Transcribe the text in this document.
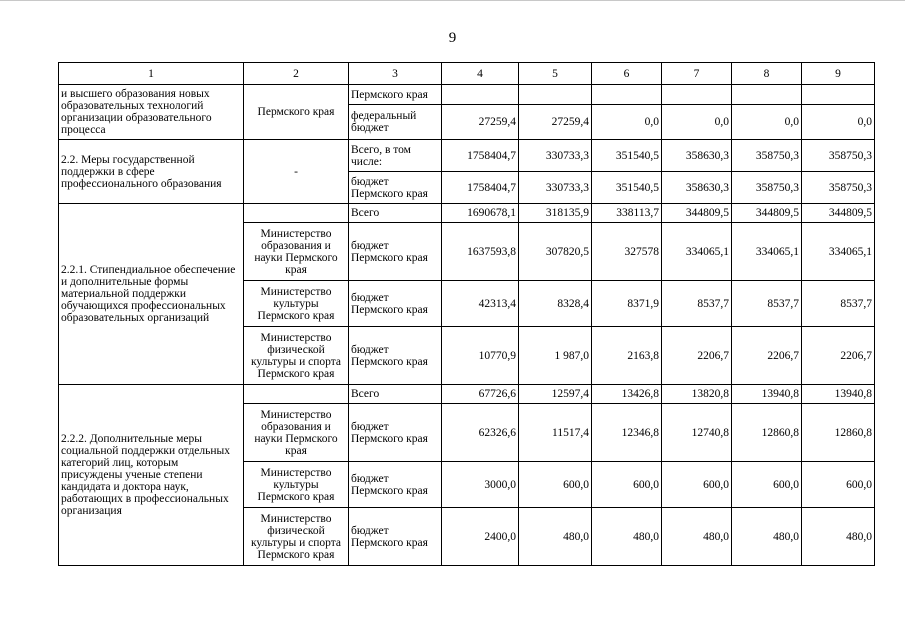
9
1	2	3	4	5	6	7	8	9
и высшего образования новых образовательных технологий организации образовательного процесса	Пермского края	Пермского края						
		федеральный бюджет	27259,4	27259,4	0,0	0,0	0,0	0,0
2.2. Меры государственной поддержки в сфере профессионального образования	-	Всего, в том числе:	1758404,7	330733,3	351540,5	358630,3	358750,3	358750,3
		бюджет Пермского края	1758404,7	330733,3	351540,5	358630,3	358750,3	358750,3
2.2.1. Стипендиальное обеспечение и дополнительные формы материальной поддержки обучающихся профессиональных образовательных организаций		Всего	1690678,1	318135,9	338113,7	344809,5	344809,5	344809,5
	Министерство образования и науки Пермского края	бюджет Пермского края	1637593,8	307820,5	327578	334065,1	334065,1	334065,1
	Министерство культуры Пермского края	бюджет Пермского края	42313,4	8328,4	8371,9	8537,7	8537,7	8537,7
	Министерство физической культуры и спорта Пермского края	бюджет Пермского края	10770,9	1 987,0	2163,8	2206,7	2206,7	2206,7
2.2.2. Дополнительные меры социальной поддержки отдельных категорий лиц, которым присуждены ученые степени кандидата и доктора наук, работающих в профессиональных организация		Всего	67726,6	12597,4	13426,8	13820,8	13940,8	13940,8
	Министерство образования и науки Пермского края	бюджет Пермского края	62326,6	11517,4	12346,8	12740,8	12860,8	12860,8
	Министерство культуры Пермского края	бюджет Пермского края	3000,0	600,0	600,0	600,0	600,0	600,0
	Министерство физической культуры и спорта Пермского края	бюджет Пермского края	2400,0	480,0	480,0	480,0	480,0	480,0
